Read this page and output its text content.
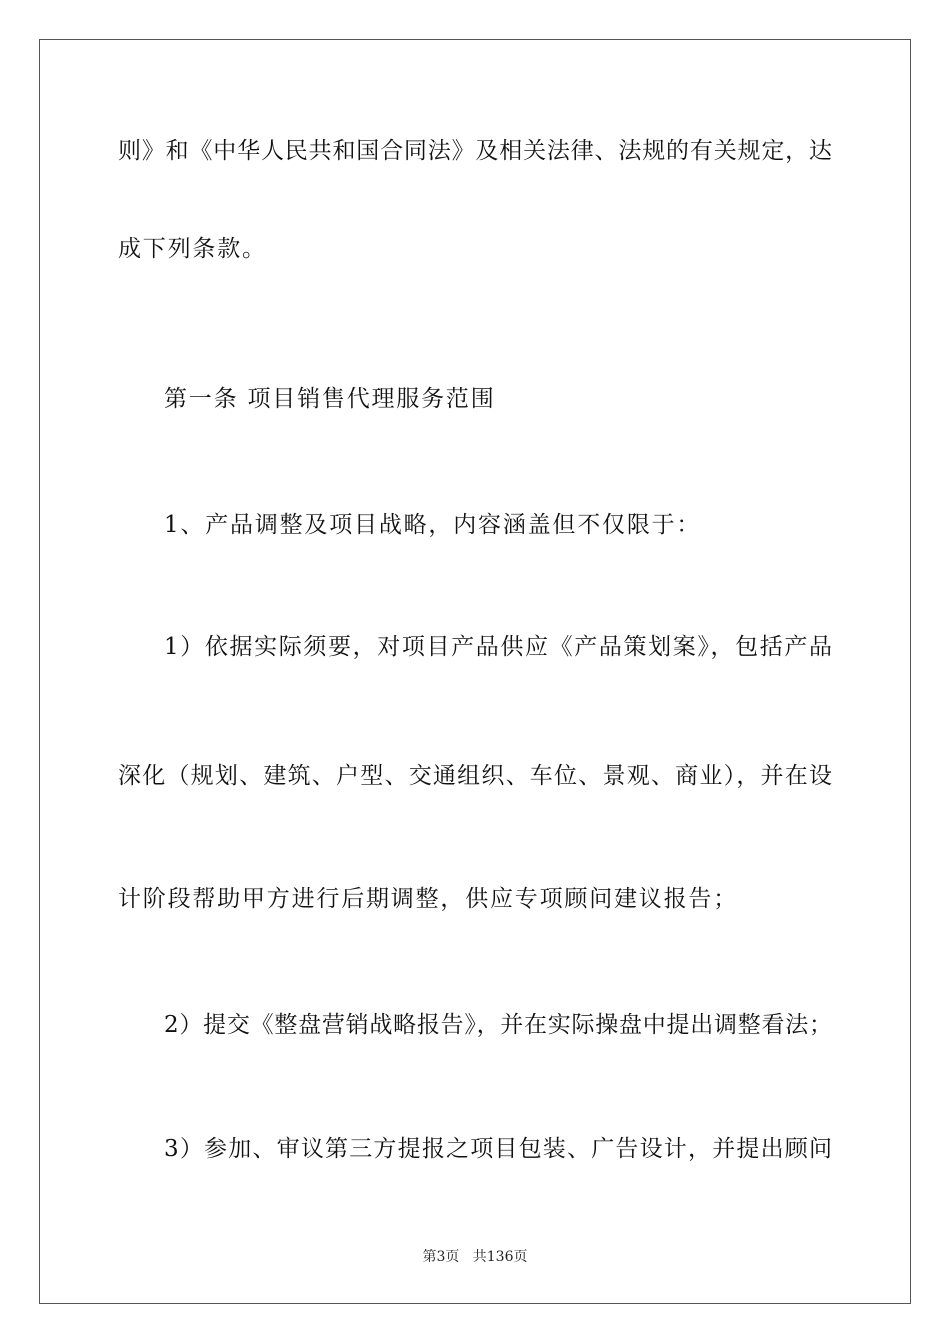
则》和《中华人民共和国合同法》及相关法律、法规的有关规定，达
成下列条款。
第一条 项目销售代理服务范围
1、产品调整及项目战略，内容涵盖但不仅限于：
1）依据实际须要，对项目产品供应《产品策划案》，包括产品
深化（规划、建筑、户型、交通组织、车位、景观、商业），并在设
计阶段帮助甲方进行后期调整，供应专项顾问建议报告；
2）提交《整盘营销战略报告》，并在实际操盘中提出调整看法；
3）参加、审议第三方提报之项目包装、广告设计，并提出顾问
第3页 共136页
